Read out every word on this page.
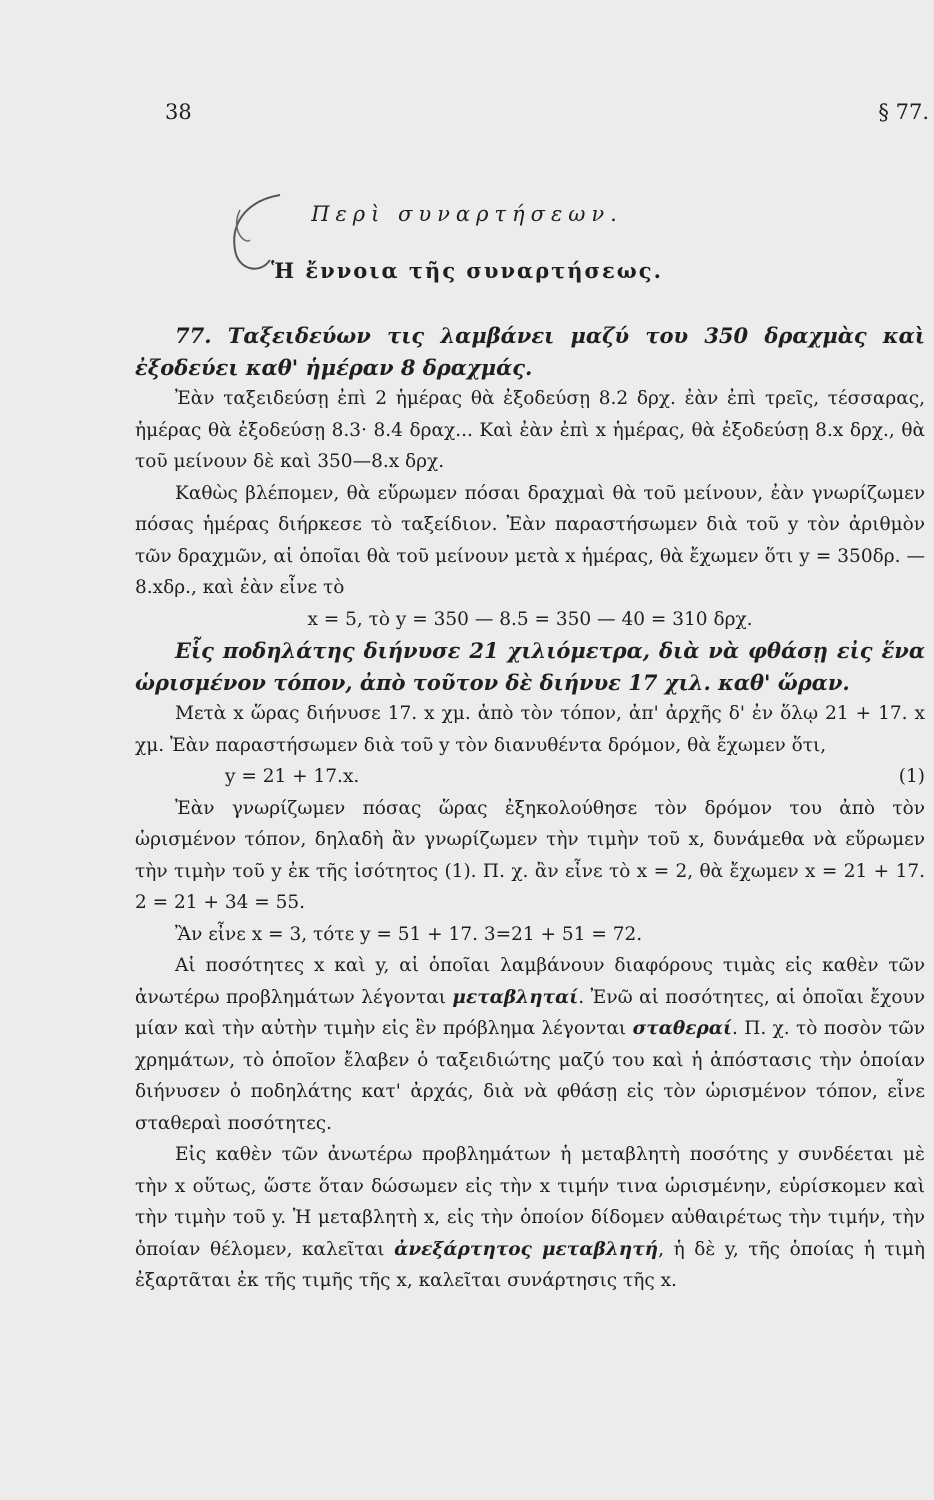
38	§ 77.
Περὶ συναρτήσεων.
Ἡ ἔννοια τῆς συναρτήσεως.

77. Ταξειδεύων τις λαμβάνει μαζύ του 350 δραχμὰς καὶ ἐξοδεύει καθ' ἡμέραν 8 δραχμάς.

Ἐὰν ταξειδεύσῃ ἐπὶ 2 ἡμέρας θὰ ἐξοδεύσῃ 8.2 δρχ. ἐὰν ἐπὶ τρεῖς, τέσσαρας, ἡμέρας θὰ ἐξοδεύσῃ 8.3· 8.4 δραχ... Καὶ ἐὰν ἐπὶ x ἡμέρας, θὰ ἐξοδεύσῃ 8.x δρχ., θὰ τοῦ μείνουν δὲ καὶ 350—8.x δρχ.

Καθὼς βλέπομεν, θὰ εὕρωμεν πόσαι δραχμαὶ θὰ τοῦ μείνουν, ἐὰν γνωρίζωμεν πόσας ἡμέρας διήρκεσε τὸ ταξείδιον. Ἐὰν παραστήσωμεν διὰ τοῦ y τὸν ἀριθμὸν τῶν δραχμῶν, αἱ ὁποῖαι θὰ τοῦ μείνουν μετὰ x ἡμέρας, θὰ ἔχωμεν ὅτι y = 350δρ. — 8.xδρ., καὶ ἐὰν εἶνε τὸ

x = 5, τὸ y = 350 — 8.5 = 350 — 40 = 310 δρχ.

Εἷς ποδηλάτης διήνυσε 21 χιλιόμετρα, διὰ νὰ φθάσῃ εἰς ἕνα ὡρισμένον τόπον, ἀπὸ τοῦτον δὲ διήνυε 17 χιλ. καθ' ὥραν.

Μετὰ x ὥρας διήνυσε 17. x χμ. ἀπὸ τὸν τόπον, ἀπ' ἀρχῆς δ' ἐν ὅλῳ 21 + 17. x χμ. Ἐὰν παραστήσωμεν διὰ τοῦ y τὸν διανυθέντα δρόμον, θὰ ἔχωμεν ὅτι,

y = 21 + 17.x.	(1)

Ἐὰν γνωρίζωμεν πόσας ὥρας ἐξηκολούθησε τὸν δρόμον του ἀπὸ τὸν ὡρισμένον τόπον, δηλαδὴ ἂν γνωρίζωμεν τὴν τιμὴν τοῦ x, δυνάμεθα νὰ εὕρωμεν τὴν τιμὴν τοῦ y ἐκ τῆς ἰσότητος (1). Π. χ. ἂν εἶνε τὸ x = 2, θὰ ἔχωμεν x = 21 + 17. 2 = 21 + 34 = 55.

Ἂν εἶνε x = 3, τότε y = 51 + 17. 3=21 + 51 = 72.

Αἱ ποσότητες x καὶ y, αἱ ὁποῖαι λαμβάνουν διαφόρους τιμὰς εἰς καθὲν τῶν ἀνωτέρω προβλημάτων λέγονται μεταβληταί. Ἐνῶ αἱ ποσότητες, αἱ ὁποῖαι ἔχουν μίαν καὶ τὴν αὐτὴν τιμὴν εἰς ἓν πρόβλημα λέγονται σταθεραί. Π. χ. τὸ ποσὸν τῶν χρημάτων, τὸ ὁποῖον ἔλαβεν ὁ ταξειδιώτης μαζύ του καὶ ἡ ἀπόστασις τὴν ὁποίαν διήνυσεν ὁ ποδηλάτης κατ' ἀρχάς, διὰ νὰ φθάσῃ εἰς τὸν ὡρισμένον τόπον, εἶνε σταθεραὶ ποσότητες.

Εἰς καθὲν τῶν ἀνωτέρω προβλημάτων ἡ μεταβλητὴ ποσότης y συνδέεται μὲ τὴν x οὕτως, ὥστε ὅταν δώσωμεν εἰς τὴν x τιμήν τινα ὡρισμένην, εὑρίσκομεν καὶ τὴν τιμὴν τοῦ y. Ἡ μεταβλητὴ x, εἰς τὴν ὁποίον δίδομεν αὐθαιρέτως τὴν τιμήν, τὴν ὁποίαν θέλομεν, καλεῖται ἀνεξάρτητος μεταβλητή, ἡ δὲ y, τῆς ὁποίας ἡ τιμὴ ἐξαρτᾶται ἐκ τῆς τιμῆς τῆς x, καλεῖται συνάρτησις τῆς x.
